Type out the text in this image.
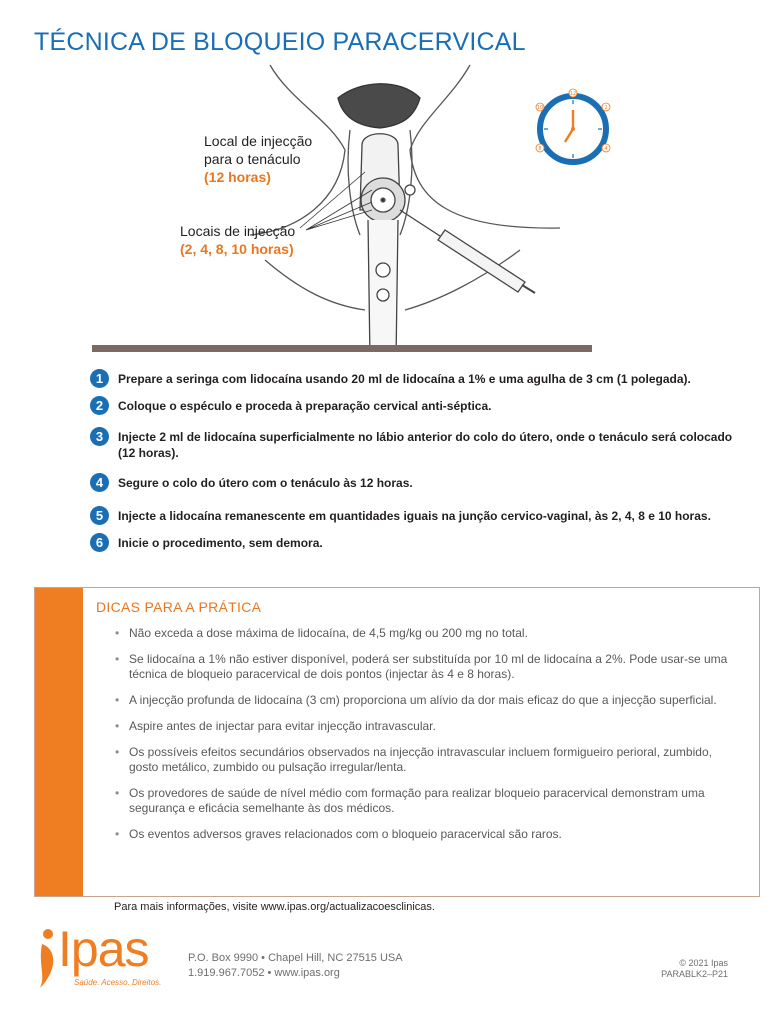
TÉCNICA DE BLOQUEIO PARACERVICAL
Local de injecção
para o tenáculo
(12 horas)
Locais de injecção
(2, 4, 8, 10 horas)
10
12
2
8	4
1	Prepare a seringa com lidocaína usando 20 ml de lidocaína a 1% e uma agulha de 3 cm (1 polegada).
2	Coloque o espéculo e proceda à preparação cervical anti-séptica.
3	Injecte 2 ml de lidocaína superficialmente no lábio anterior do colo do útero, onde o tenáculo será colocado (12 horas).
4	Segure o colo do útero com o tenáculo às 12 horas.
5	Injecte a lidocaína remanescente em quantidades iguais na junção cervico-vaginal, às 2, 4, 8 e 10 horas.
6	Inicie o procedimento, sem demora.
DICAS PARA A PRÁTICA
• Não exceda a dose máxima de lidocaína, de 4,5 mg/kg ou 200 mg no total.
• Se lidocaína a 1% não estiver disponível, poderá ser substituída por 10 ml de lidocaína a 2%. Pode usar-se uma técnica de bloqueio paracervical de dois pontos (injectar às 4 e 8 horas).
• A injecção profunda de lidocaína (3 cm) proporciona um alívio da dor mais eficaz do que a injecção superficial.
• Aspire antes de injectar para evitar injecção intravascular.
• Os possíveis efeitos secundários observados na injecção intravascular incluem formigueiro perioral, zumbido, gosto metálico, zumbido ou pulsação irregular/lenta.
• Os provedores de saúde de nível médio com formação para realizar bloqueio paracervical demonstram uma segurança e eficácia semelhante às dos médicos.
• Os eventos adversos graves relacionados com o bloqueio paracervical são raros.
Para mais informações, visite www.ipas.org/actualizacoesclinicas.
Ipas
Saúde. Acesso. Direitos.
P.O. Box 9990 • Chapel Hill, NC 27515 USA
1.919.967.7052 • www.ipas.org
© 2021 Ipas
PARABLK2–P21
